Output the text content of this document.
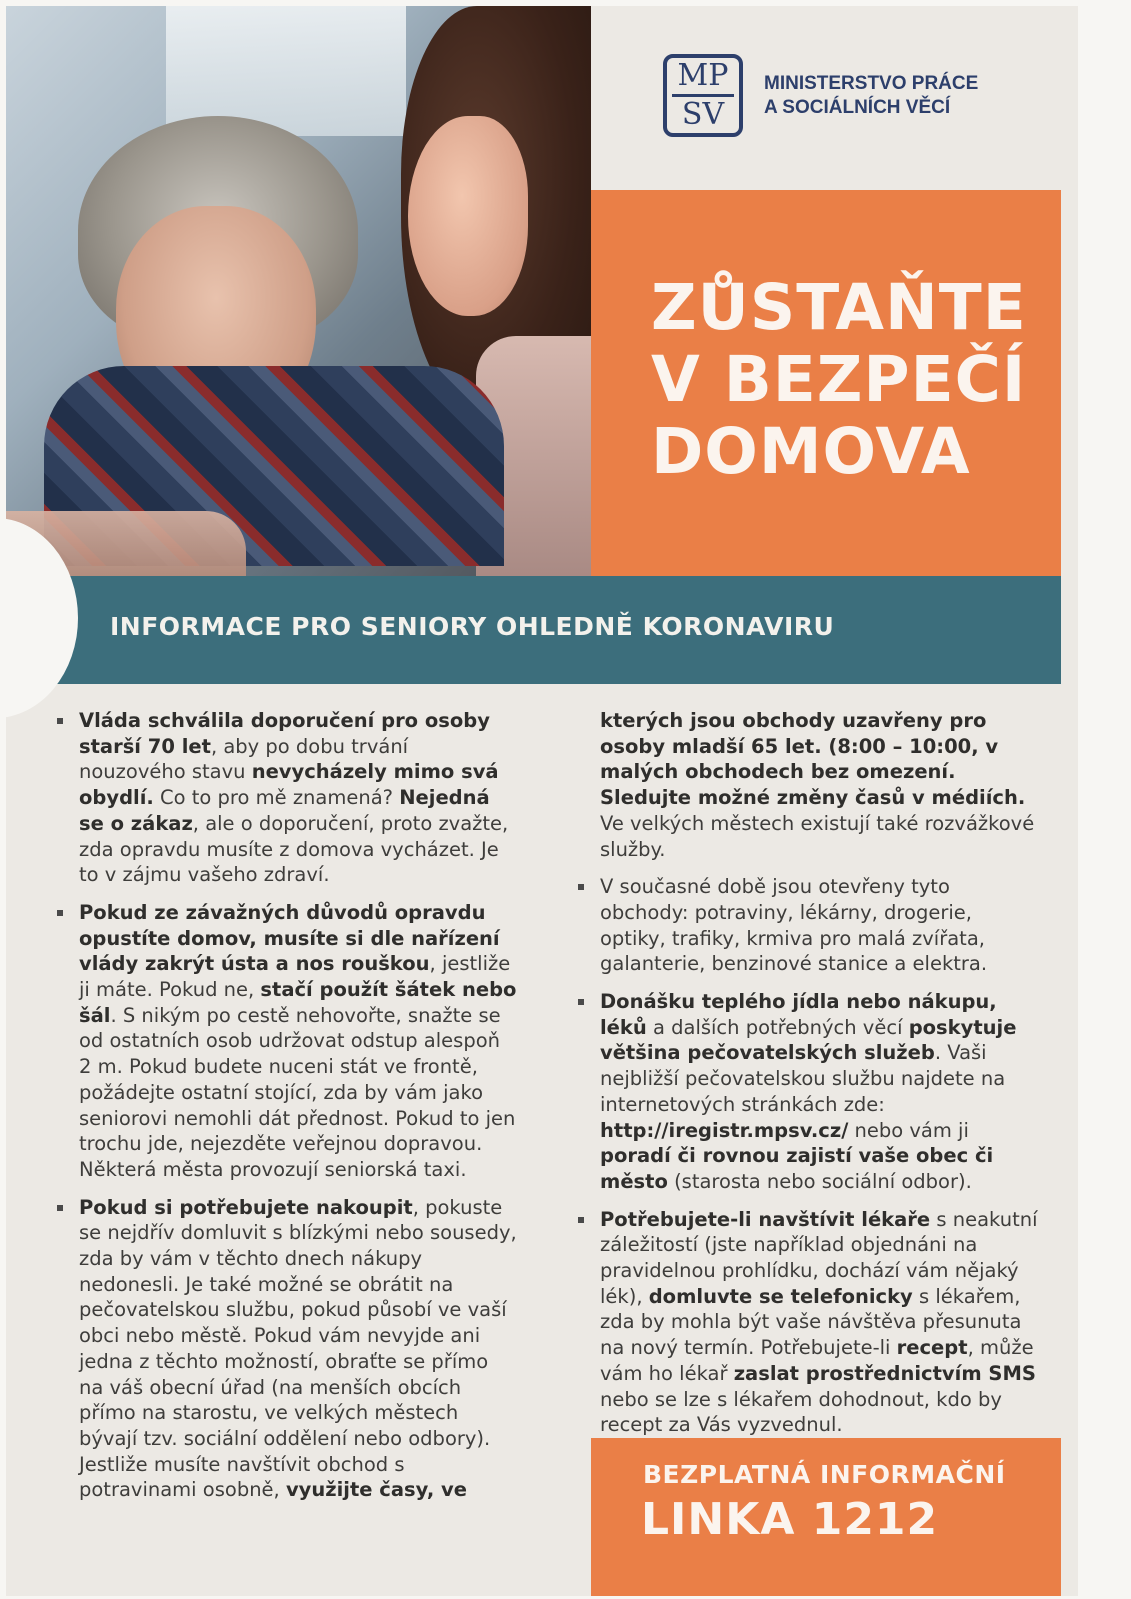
MP
SV
MINISTERSTVO PRÁCE
A SOCIÁLNÍCH VĚCÍ
ZŮSTAŇTE
V BEZPEČÍ
DOMOVA
INFORMACE PRO SENIORY OHLEDNĚ KORONAVIRU
Vláda schválila doporučení pro osoby starší 70 let, aby po dobu trvání nouzového stavu nevycházely mimo svá obydlí. Co to pro mě znamená? Nejedná se o zákaz, ale o doporučení, proto zvažte, zda opravdu musíte z domova vycházet. Je to v zájmu vašeho zdraví.
Pokud ze závažných důvodů opravdu opustíte domov, musíte si dle nařízení vlády zakrýt ústa a nos rouškou, jestliže ji máte. Pokud ne, stačí použít šátek nebo šál. S nikým po cestě nehovořte, snažte se od ostatních osob udržovat odstup alespoň 2 m. Pokud budete nuceni stát ve frontě, požádejte ostatní stojící, zda by vám jako seniorovi nemohli dát přednost. Pokud to jen trochu jde, nejezděte veřejnou dopravou. Některá města provozují seniorská taxi.
Pokud si potřebujete nakoupit, pokuste se nejdřív domluvit s blízkými nebo sousedy, zda by vám v těchto dnech nákupy nedonesli. Je také možné se obrátit na pečovatelskou službu, pokud působí ve vaší obci nebo městě. Pokud vám nevyjde ani jedna z těchto možností, obraťte se přímo na váš obecní úřad (na menších obcích přímo na starostu, ve velkých městech bývají tzv. sociální oddělení nebo odbory). Jestliže musíte navštívit obchod s potravinami osobně, využijte časy, ve
kterých jsou obchody uzavřeny pro osoby mladší 65 let. (8:00 – 10:00, v malých obchodech bez omezení. Sledujte možné změny časů v médiích. Ve velkých městech existují také rozvážkové služby.
V současné době jsou otevřeny tyto obchody: potraviny, lékárny, drogerie, optiky, trafiky, krmiva pro malá zvířata, galanterie, benzinové stanice a elektra.
Donášku teplého jídla nebo nákupu, léků a dalších potřebných věcí poskytuje většina pečovatelských služeb. Vaši nejbližší pečovatelskou službu najdete na internetových stránkách zde: http://iregistr.mpsv.cz/ nebo vám ji poradí či rovnou zajistí vaše obec či město (starosta nebo sociální odbor).
Potřebujete-li navštívit lékaře s neakutní záležitostí (jste například objednáni na pravidelnou prohlídku, dochází vám nějaký lék), domluvte se telefonicky s lékařem, zda by mohla být vaše návštěva přesunuta na nový termín. Potřebujete-li recept, může vám ho lékař zaslat prostřednictvím SMS nebo se lze s lékařem dohodnout, kdo by recept za Vás vyzvednul.
BEZPLATNÁ INFORMAČNÍ
LINKA 1212
